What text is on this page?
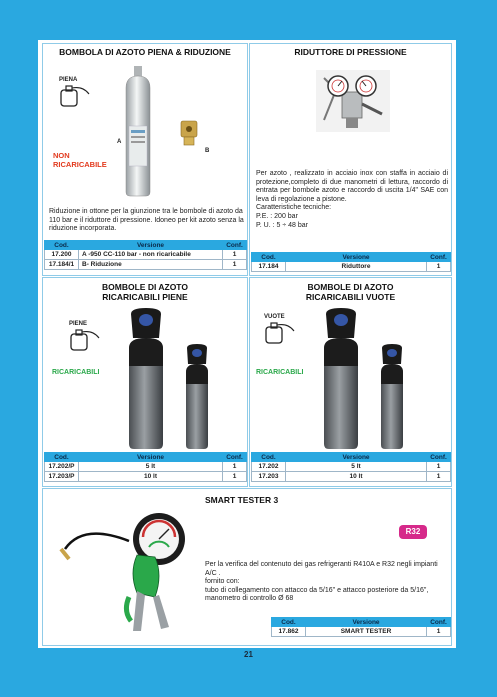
BOMBOLA DI AZOTO PIENA & RIDUZIONE
PIENA
NON RICARICABILE
A
B
Riduzione in ottone per la giunzione tra le bombole di azoto da 110 bar e il riduttore di pressione. Idoneo per kit azoto senza la riduzione incorporata.
Cod.	Versione	Conf.
17.200	A -950 CC-110 bar - non ricaricabile	1
17.184/1	B- Riduzione	1
RIDUTTORE DI PRESSIONE

Per azoto , realizzato in acciaio inox con staffa in acciaio di protezione,completo di due manometri di lettura, raccordo di entrata per bombole azoto e raccordo di uscita 1/4" SAE con leva di regolazione a pistone.

Caratteristiche tecniche:

P.E. : 200 bar

P. U. : 5 ÷ 48 bar

Cod.	Versione	Conf.
17.184	Riduttore	1
BOMBOLE DI AZOTO
RICARICABILI PIENE
PIENE
RICARICABILI
Cod.	Versione	Conf.
17.202/P	5 lt	1
17.203/P	10 lt	1
BOMBOLE DI AZOTO
RICARICABILI VUOTE
VUOTE
RICARICABILI
Cod.	Versione	Conf.
17.202	5 lt	1
17.203	10 lt	1
SMART TESTER 3
R32

Per la verifica del contenuto dei gas refrigeranti R410A e R32 negli impianti A/C .

fornito con:

tubo di collegamento con attacco da 5/16" e attacco posteriore da 5/16", manometro di controllo Ø 68

Cod.	Versione	Conf.
17.862	SMART TESTER	1
21
